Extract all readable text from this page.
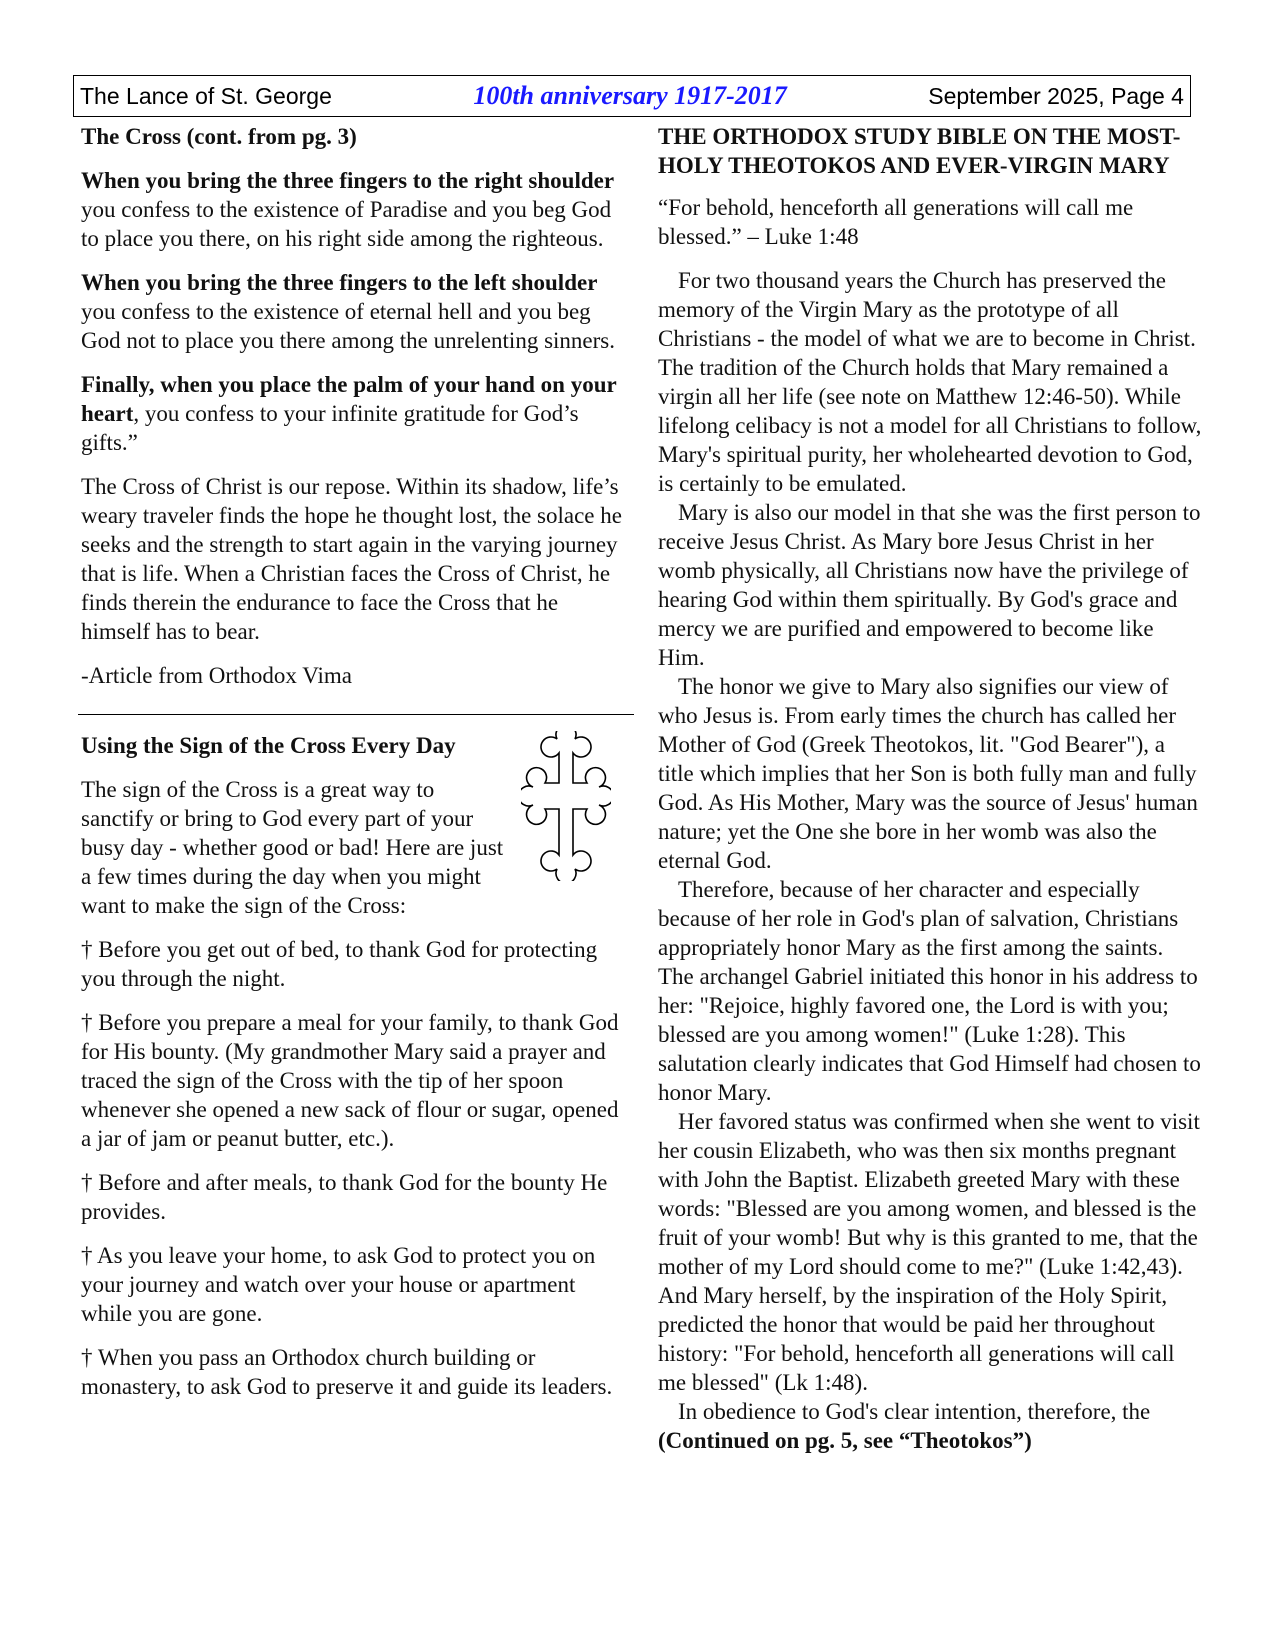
The Lance of St. George	100th anniversary 1917-2017	September 2025, Page 4

The Cross (cont. from pg. 3)

When you bring the three fingers to the right shoulder you confess to the existence of Paradise and you beg God to place you there, on his right side among the righteous.

When you bring the three fingers to the left shoulder you confess to the existence of eternal hell and you beg God not to place you there among the unrelenting sinners.

Finally, when you place the palm of your hand on your heart, you confess to your infinite gratitude for God’s gifts.”

The Cross of Christ is our repose. Within its shadow, life’s weary traveler finds the hope he thought lost, the solace he seeks and the strength to start again in the varying journey that is life. When a Christian faces the Cross of Christ, he finds therein the endurance to face the Cross that he himself has to bear.

-Article from Orthodox Vima

Using the Sign of the Cross Every Day

The sign of the Cross is a great way to sanctify or bring to God every part of your busy day - whether good or bad! Here are just a few times during the day when you might want to make the sign of the Cross:

† Before you get out of bed, to thank God for protecting you through the night.

† Before you prepare a meal for your family, to thank God for His bounty. (My grandmother Mary said a prayer and traced the sign of the Cross with the tip of her spoon whenever she opened a new sack of flour or sugar, opened a jar of jam or peanut butter, etc.).

† Before and after meals, to thank God for the bounty He provides.

† As you leave your home, to ask God to protect you on your journey and watch over your house or apartment while you are gone.

† When you pass an Orthodox church building or monastery, to ask God to preserve it and guide its leaders.

THE ORTHODOX STUDY BIBLE ON THE MOST-HOLY THEOTOKOS AND EVER-VIRGIN MARY

“For behold, henceforth all generations will call me blessed.” – Luke 1:48

For two thousand years the Church has preserved the memory of the Virgin Mary as the prototype of all Christians - the model of what we are to become in Christ. The tradition of the Church holds that Mary remained a virgin all her life (see note on Matthew 12:46-50). While lifelong celibacy is not a model for all Christians to follow, Mary's spiritual purity, her wholehearted devotion to God, is certainly to be emulated.

Mary is also our model in that she was the first person to receive Jesus Christ. As Mary bore Jesus Christ in her womb physically, all Christians now have the privilege of hearing God within them spiritually. By God's grace and mercy we are purified and empowered to become like Him.

The honor we give to Mary also signifies our view of who Jesus is. From early times the church has called her Mother of God (Greek Theotokos, lit. "God Bearer"), a title which implies that her Son is both fully man and fully God. As His Mother, Mary was the source of Jesus' human nature; yet the One she bore in her womb was also the eternal God.

Therefore, because of her character and especially because of her role in God's plan of salvation, Christians appropriately honor Mary as the first among the saints. The archangel Gabriel initiated this honor in his address to her: "Rejoice, highly favored one, the Lord is with you; blessed are you among women!" (Luke 1:28). This salutation clearly indicates that God Himself had chosen to honor Mary.

Her favored status was confirmed when she went to visit her cousin Elizabeth, who was then six months pregnant with John the Baptist. Elizabeth greeted Mary with these words: "Blessed are you among women, and blessed is the fruit of your womb! But why is this granted to me, that the mother of my Lord should come to me?" (Luke 1:42,43). And Mary herself, by the inspiration of the Holy Spirit, predicted the honor that would be paid her throughout history: "For behold, henceforth all generations will call me blessed" (Lk 1:48).

In obedience to God's clear intention, therefore, the

(Continued on pg. 5, see “Theotokos”)
